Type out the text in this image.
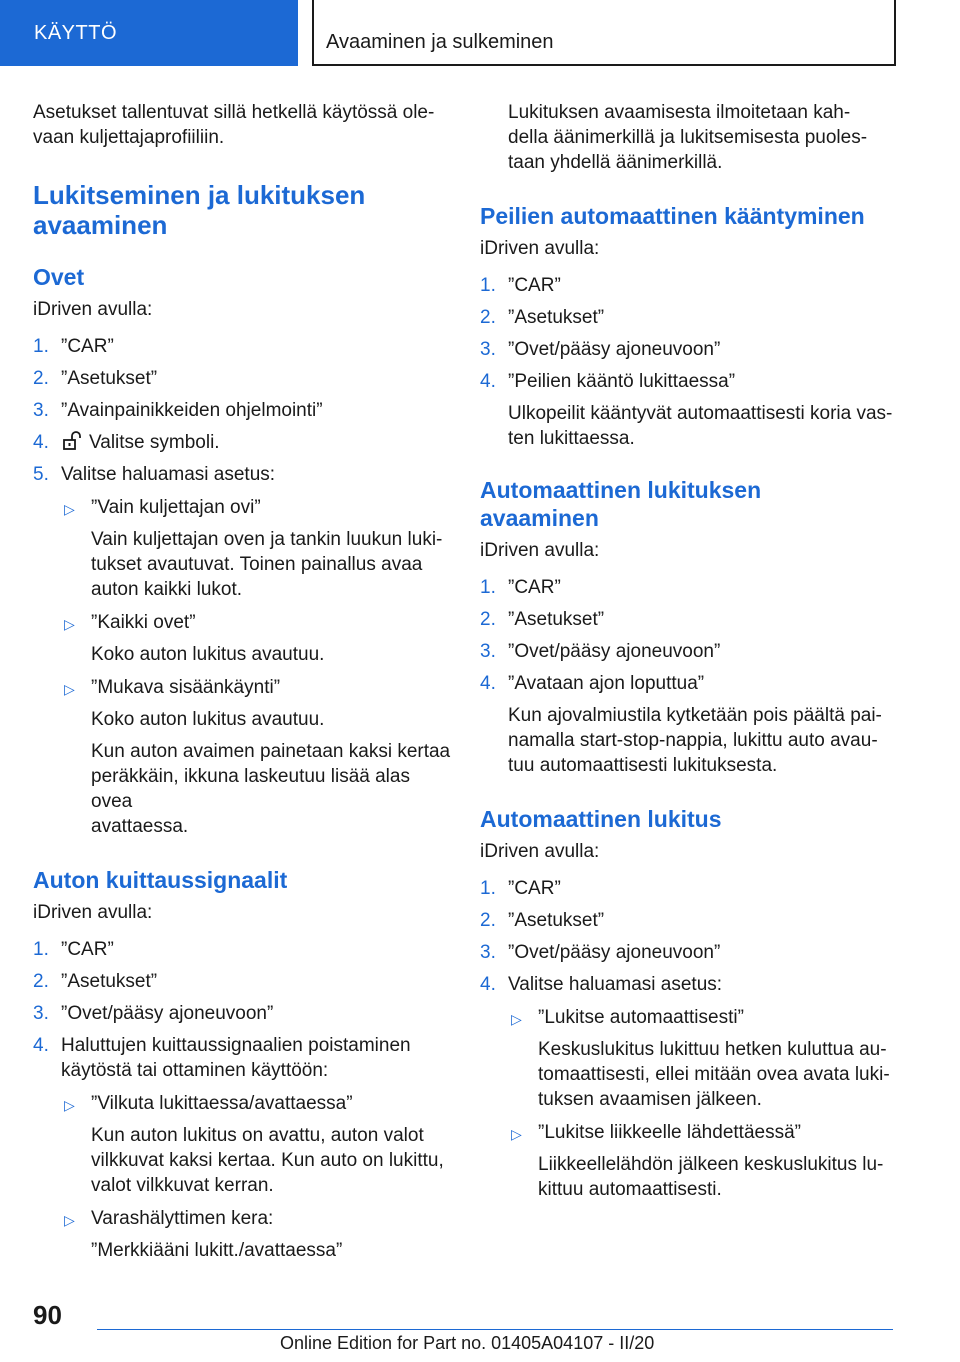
KÄYTTÖ	Avaaminen ja sulkeminen

Asetukset tallentuvat sillä hetkellä käytössä ole-

vaan kuljettajaprofiiliin.

Lukitseminen ja lukituksen
avaaminen
Ovet

iDriven avulla:

1. ”CAR”
2. ”Asetukset”
3. ”Avainpainikkeiden ohjelmointi”
4. Valitse symboli.
5. Valitse haluamasi asetus:
▷ ”Vain kuljettajan ovi”
Vain kuljettajan oven ja tankin luukun luki-
tukset avautuvat. Toinen painallus avaa
auton kaikki lukot.
▷ ”Kaikki ovet”
Koko auton lukitus avautuu.
▷ ”Mukava sisäänkäynti”
Koko auton lukitus avautuu.
Kun auton avaimen painetaan kaksi kertaa
peräkkäin, ikkuna laskeutuu lisää alas ovea
avattaessa.
Auton kuittaussignaalit

iDriven avulla:

1. ”CAR”
2. ”Asetukset”
3. ”Ovet/pääsy ajoneuvoon”
4. Haluttujen kuittaussignaalien poistaminen
käytöstä tai ottaminen käyttöön:
▷ ”Vilkuta lukittaessa/avattaessa”
Kun auton lukitus on avattu, auton valot
vilkkuvat kaksi kertaa. Kun auto on lukittu,
valot vilkkuvat kerran.
▷ Varashälyttimen kera:
”Merkkiääni lukitt./avattaessa”
Lukituksen avaamisesta ilmoitetaan kah-
della äänimerkillä ja lukitsemisesta puoles-
taan yhdellä äänimerkillä.
Peilien automaattinen kääntyminen

iDriven avulla:

1. ”CAR”
2. ”Asetukset”
3. ”Ovet/pääsy ajoneuvoon”
4. ”Peilien kääntö lukittaessa”
Ulkopeilit kääntyvät automaattisesti koria vas-
ten lukittaessa.
Automaattinen lukituksen
avaaminen

iDriven avulla:

1. ”CAR”
2. ”Asetukset”
3. ”Ovet/pääsy ajoneuvoon”
4. ”Avataan ajon loputtua”
Kun ajovalmiustila kytketään pois päältä pai-
namalla start-stop-nappia, lukittu auto avau-
tuu automaattisesti lukituksesta.
Automaattinen lukitus

iDriven avulla:

1. ”CAR”
2. ”Asetukset”
3. ”Ovet/pääsy ajoneuvoon”
4. Valitse haluamasi asetus:
▷ ”Lukitse automaattisesti”
Keskuslukitus lukittuu hetken kuluttua au-
tomaattisesti, ellei mitään ovea avata luki-
tuksen avaamisen jälkeen.
▷ ”Lukitse liikkeelle lähdettäessä”
Liikkeellelähdön jälkeen keskuslukitus lu-
kittuu automaattisesti.
90
Online Edition for Part no. 01405A04107 - II/20
